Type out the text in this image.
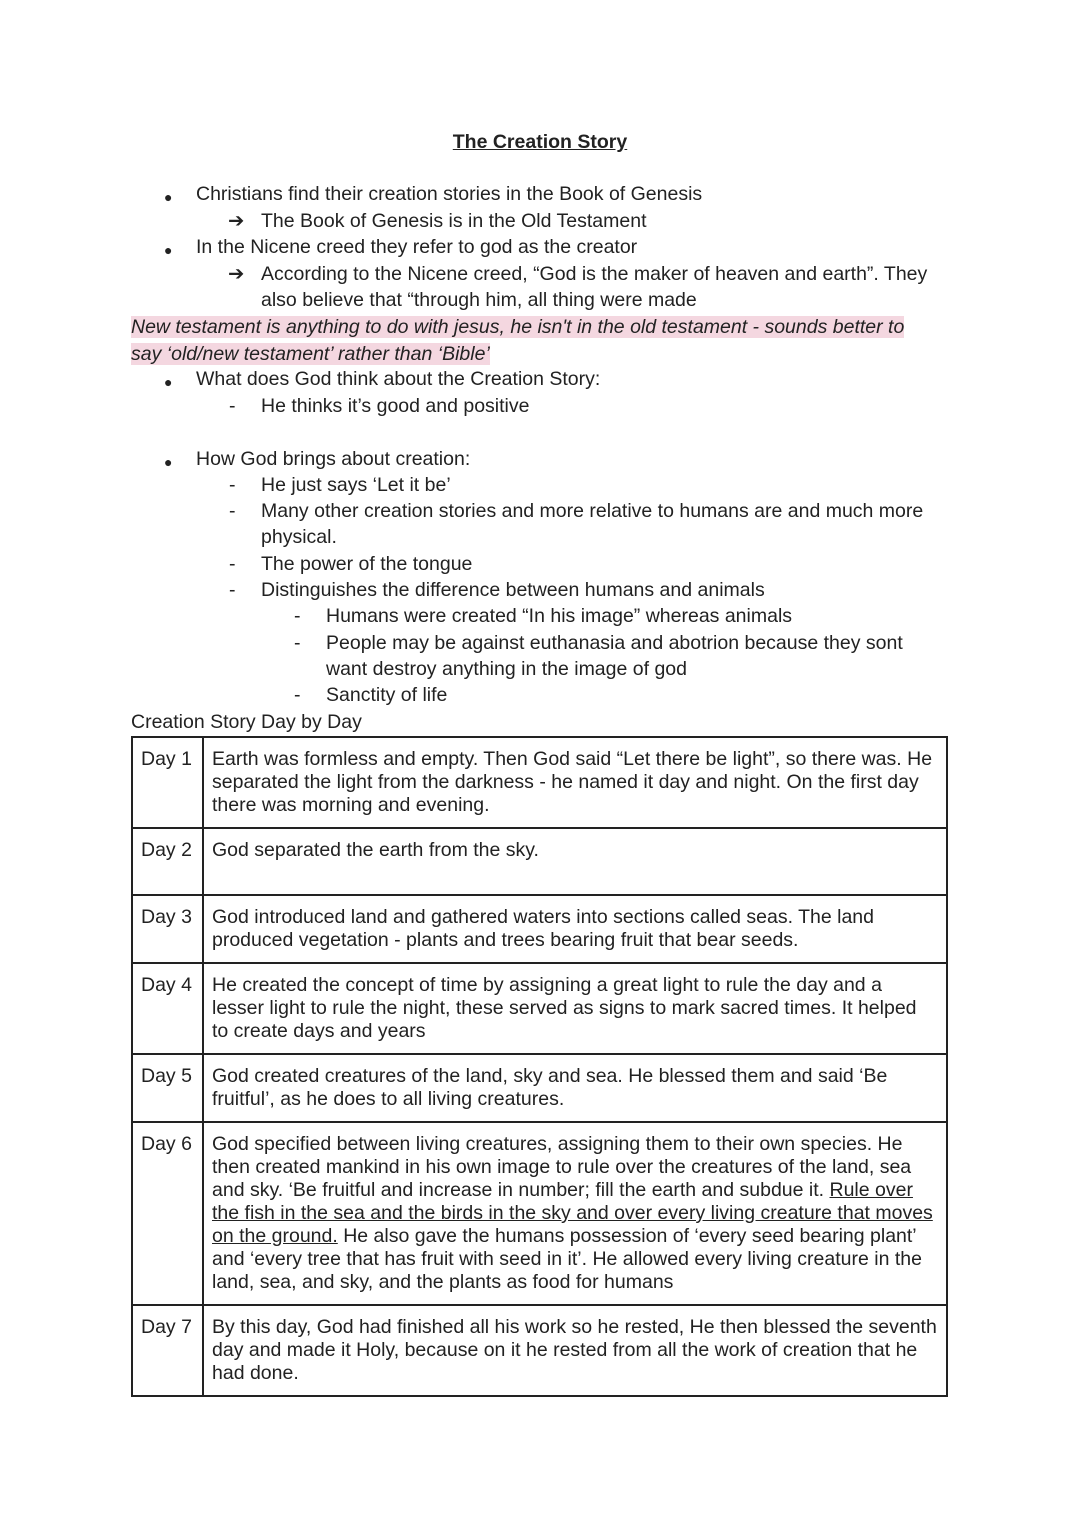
The Creation Story
● Christians find their creation stories in the Book of Genesis
➔ The Book of Genesis is in the Old Testament
● In the Nicene creed they refer to god as the creator
➔ According to the Nicene creed, “God is the maker of heaven and earth”. They
also believe that “through him, all thing were made
New testament is anything to do with jesus, he isn't in the old testament - sounds better to
say ‘old/new testament’ rather than ‘Bible’
● What does God think about the Creation Story:
- He thinks it’s good and positive
● How God brings about creation:
- He just says ‘Let it be’
- Many other creation stories and more relative to humans are and much more
physical.
- The power of the tongue
- Distinguishes the difference between humans and animals
- Humans were created “In his image” whereas animals
- People may be against euthanasia and abotrion because they sont
want destroy anything in the image of god
- Sanctity of life
Creation Story Day by Day
Day 1	Earth was formless and empty. Then God said “Let there be light”, so there was. He separated the light from the darkness - he named it day and night. On the first day there was morning and evening.
Day 2	God separated the earth from the sky.
Day 3	God introduced land and gathered waters into sections called seas. The land produced vegetation - plants and trees bearing fruit that bear seeds.
Day 4	He created the concept of time by assigning a great light to rule the day and a lesser light to rule the night, these served as signs to mark sacred times. It helped to create days and years
Day 5	God created creatures of the land, sky and sea. He blessed them and said ‘Be fruitful’, as he does to all living creatures.
Day 6	God specified between living creatures, assigning them to their own species. He then created mankind in his own image to rule over the creatures of the land, sea and sky. ‘Be fruitful and increase in number; fill the earth and subdue it. Rule over the fish in the sea and the birds in the sky and over every living creature that moves on the ground. He also gave the humans possession of ‘every seed bearing plant’ and ‘every tree that has fruit with seed in it’. He allowed every living creature in the land, sea, and sky, and the plants as food for humans
Day 7	By this day, God had finished all his work so he rested, He then blessed the seventh day and made it Holy, because on it he rested from all the work of creation that he had done.
